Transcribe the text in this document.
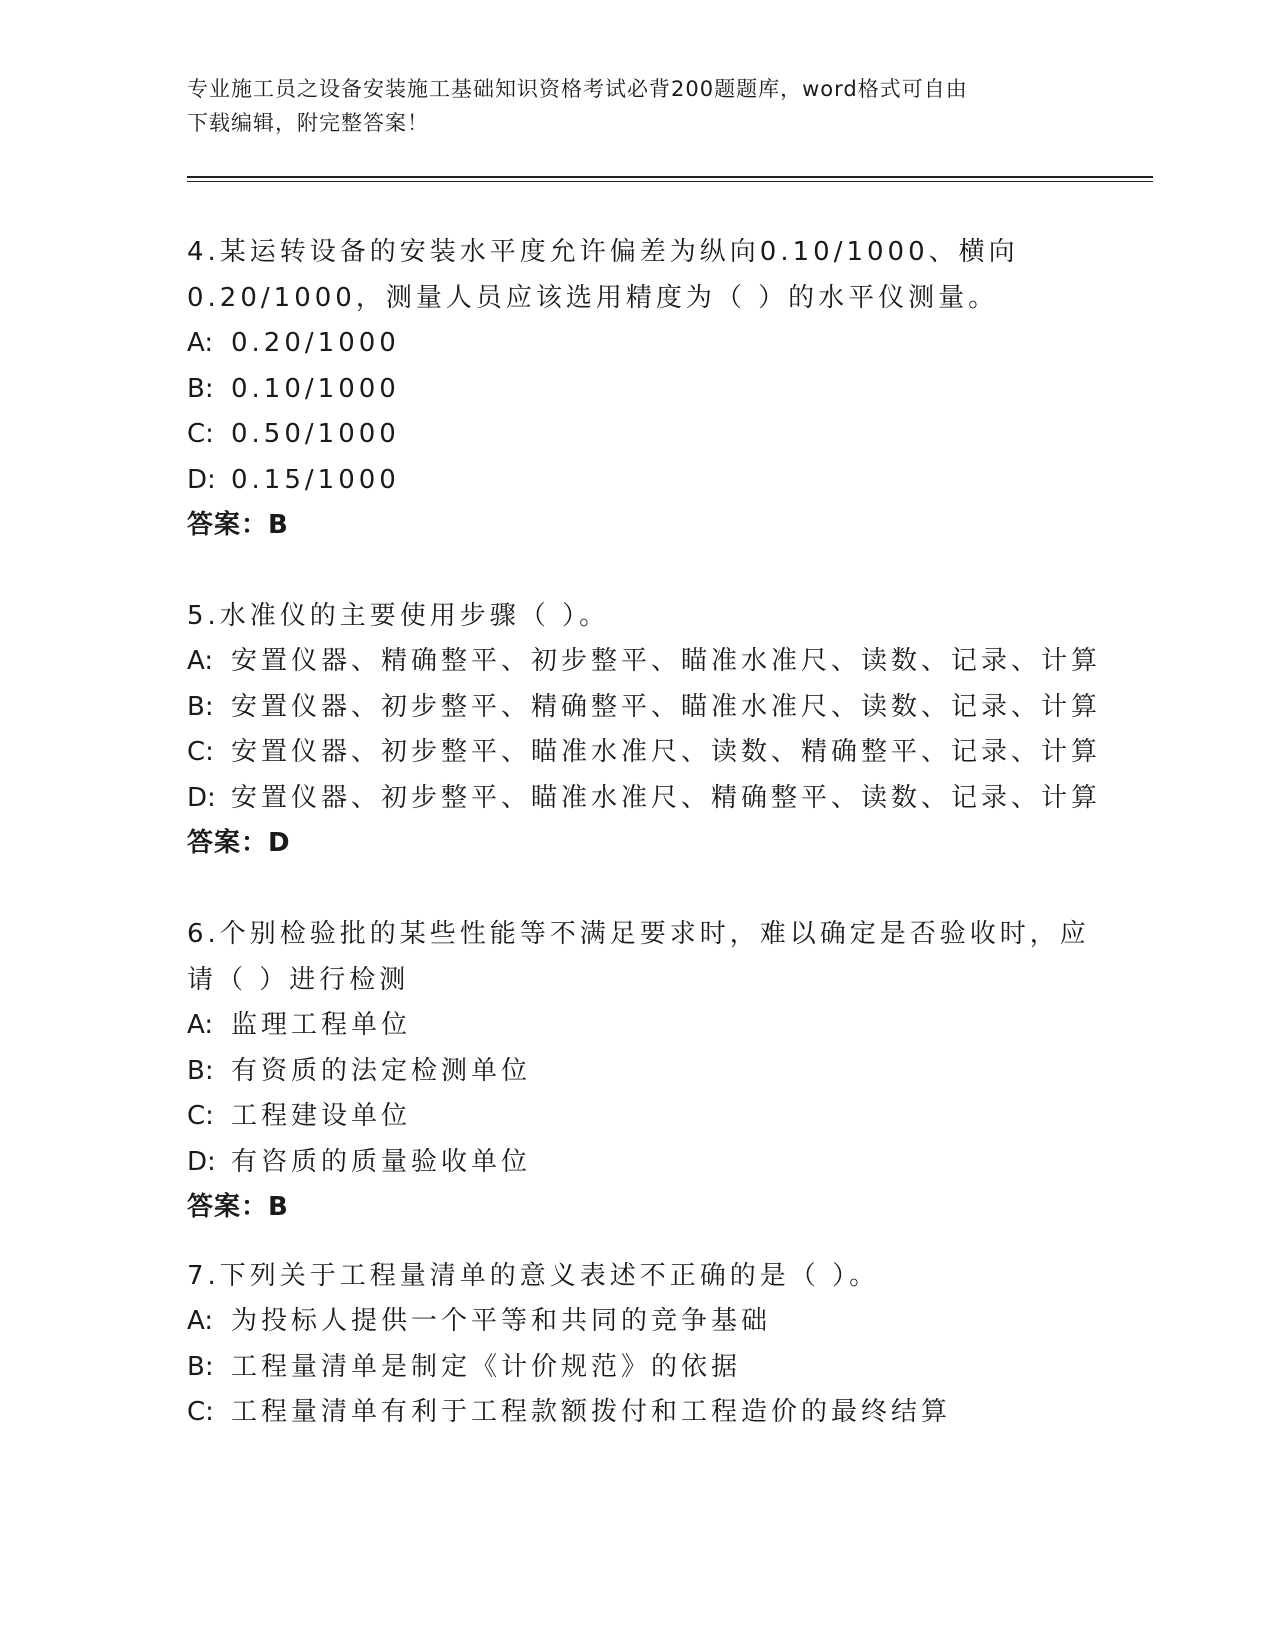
专业施工员之设备安装施工基础知识资格考试必背200题题库，word格式可自由
下载编辑，附完整答案！
4.某运转设备的安装水平度允许偏差为纵向0.10/1000、横向
0.20/1000，测量人员应该选用精度为（ ）的水平仪测量。
A: 0.20/1000
B: 0.10/1000
C: 0.50/1000
D: 0.15/1000
答案：B
5.水准仪的主要使用步骤（ ）。
A: 安置仪器、精确整平、初步整平、瞄准水准尺、读数、记录、计算
B: 安置仪器、初步整平、精确整平、瞄准水准尺、读数、记录、计算
C: 安置仪器、初步整平、瞄准水准尺、读数、精确整平、记录、计算
D: 安置仪器、初步整平、瞄准水准尺、精确整平、读数、记录、计算
答案：D
6.个别检验批的某些性能等不满足要求时，难以确定是否验收时，应
请（ ）进行检测
A: 监理工程单位
B: 有资质的法定检测单位
C: 工程建设单位
D: 有咨质的质量验收单位
答案：B
7.下列关于工程量清单的意义表述不正确的是（ ）。
A: 为投标人提供一个平等和共同的竞争基础
B: 工程量清单是制定《计价规范》的依据
C: 工程量清单有利于工程款额拨付和工程造价的最终结算
